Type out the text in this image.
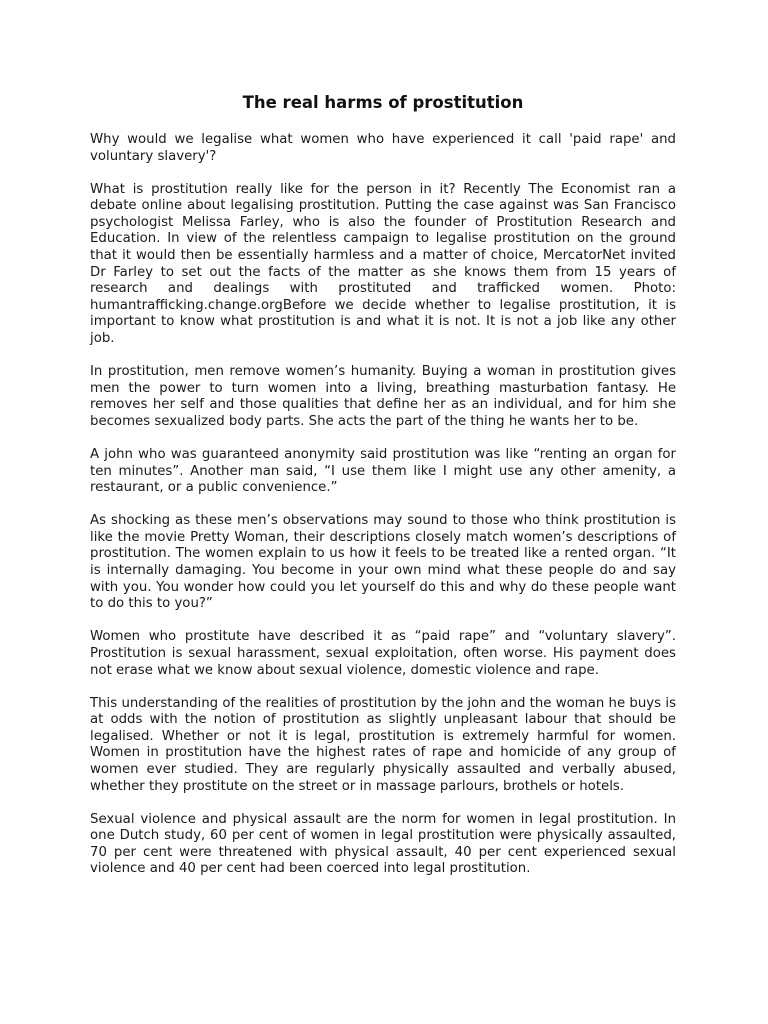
The real harms of prostitution

Why would we legalise what women who have experienced it call 'paid rape' and voluntary slavery'?

What is prostitution really like for the person in it? Recently The Economist ran a debate online about legalising prostitution. Putting the case against was San Francisco psychologist Melissa Farley, who is also the founder of Prostitution Research and Education. In view of the relentless campaign to legalise prostitution on the ground that it would then be essentially harmless and a matter of choice, MercatorNet invited Dr Farley to set out the facts of the matter as she knows them from 15 years of research and dealings with prostituted and trafficked women. Photo: humantrafficking.change.orgBefore we decide whether to legalise prostitution, it is important to know what prostitution is and what it is not. It is not a job like any other job.

In prostitution, men remove women’s humanity. Buying a woman in prostitution gives men the power to turn women into a living, breathing masturbation fantasy. He removes her self and those qualities that define her as an individual, and for him she becomes sexualized body parts. She acts the part of the thing he wants her to be.

A john who was guaranteed anonymity said prostitution was like “renting an organ for ten minutes”. Another man said, “I use them like I might use any other amenity, a restaurant, or a public convenience.”

As shocking as these men’s observations may sound to those who think prostitution is like the movie Pretty Woman, their descriptions closely match women’s descriptions of prostitution. The women explain to us how it feels to be treated like a rented organ. “It is internally damaging. You become in your own mind what these people do and say with you. You wonder how could you let yourself do this and why do these people want to do this to you?”

Women who prostitute have described it as “paid rape” and “voluntary slavery”. Prostitution is sexual harassment, sexual exploitation, often worse. His payment does not erase what we know about sexual violence, domestic violence and rape.

This understanding of the realities of prostitution by the john and the woman he buys is at odds with the notion of prostitution as slightly unpleasant labour that should be legalised. Whether or not it is legal, prostitution is extremely harmful for women. Women in prostitution have the highest rates of rape and homicide of any group of women ever studied. They are regularly physically assaulted and verbally abused, whether they prostitute on the street or in massage parlours, brothels or hotels.

Sexual violence and physical assault are the norm for women in legal prostitution. In one Dutch study, 60 per cent of women in legal prostitution were physically assaulted, 70 per cent were threatened with physical assault, 40 per cent experienced sexual violence and 40 per cent had been coerced into legal prostitution.
